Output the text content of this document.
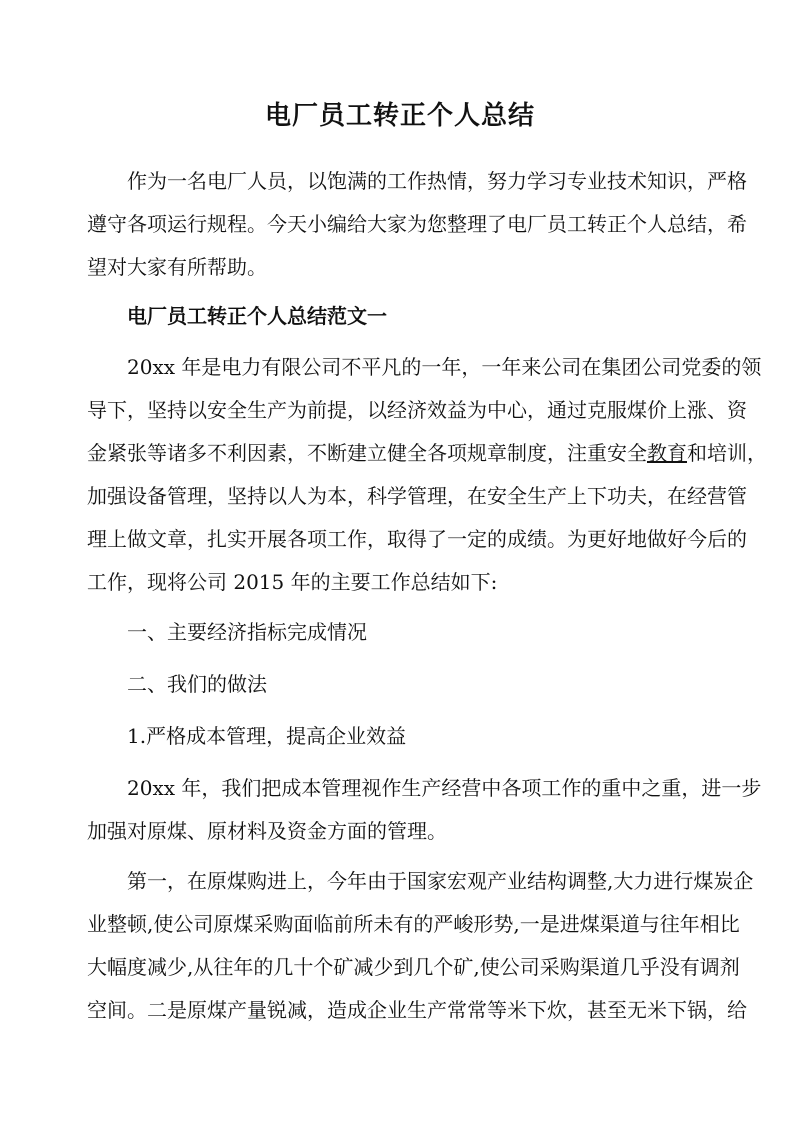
电厂员工转正个人总结
作为一名电厂人员，以饱满的工作热情，努力学习专业技术知识，严格
遵守各项运行规程。今天小编给大家为您整理了电厂员工转正个人总结，希
望对大家有所帮助。
电厂员工转正个人总结范文一
20xx 年是电力有限公司不平凡的一年，一年来公司在集团公司党委的领
导下，坚持以安全生产为前提，以经济效益为中心，通过克服煤价上涨、资
金紧张等诸多不利因素，不断建立健全各项规章制度，注重安全教育和培训，
加强设备管理，坚持以人为本，科学管理，在安全生产上下功夫，在经营管
理上做文章，扎实开展各项工作，取得了一定的成绩。为更好地做好今后的
工作，现将公司 2015 年的主要工作总结如下:
一、主要经济指标完成情况
二、我们的做法
1.严格成本管理，提高企业效益
20xx 年，我们把成本管理视作生产经营中各项工作的重中之重，进一步
加强对原煤、原材料及资金方面的管理。
第一，在原煤购进上，今年由于国家宏观产业结构调整,大力进行煤炭企
业整顿,使公司原煤采购面临前所未有的严峻形势,一是进煤渠道与往年相比
大幅度减少,从往年的几十个矿减少到几个矿,使公司采购渠道几乎没有调剂
空间。二是原煤产量锐减，造成企业生产常常等米下炊，甚至无米下锅，给
